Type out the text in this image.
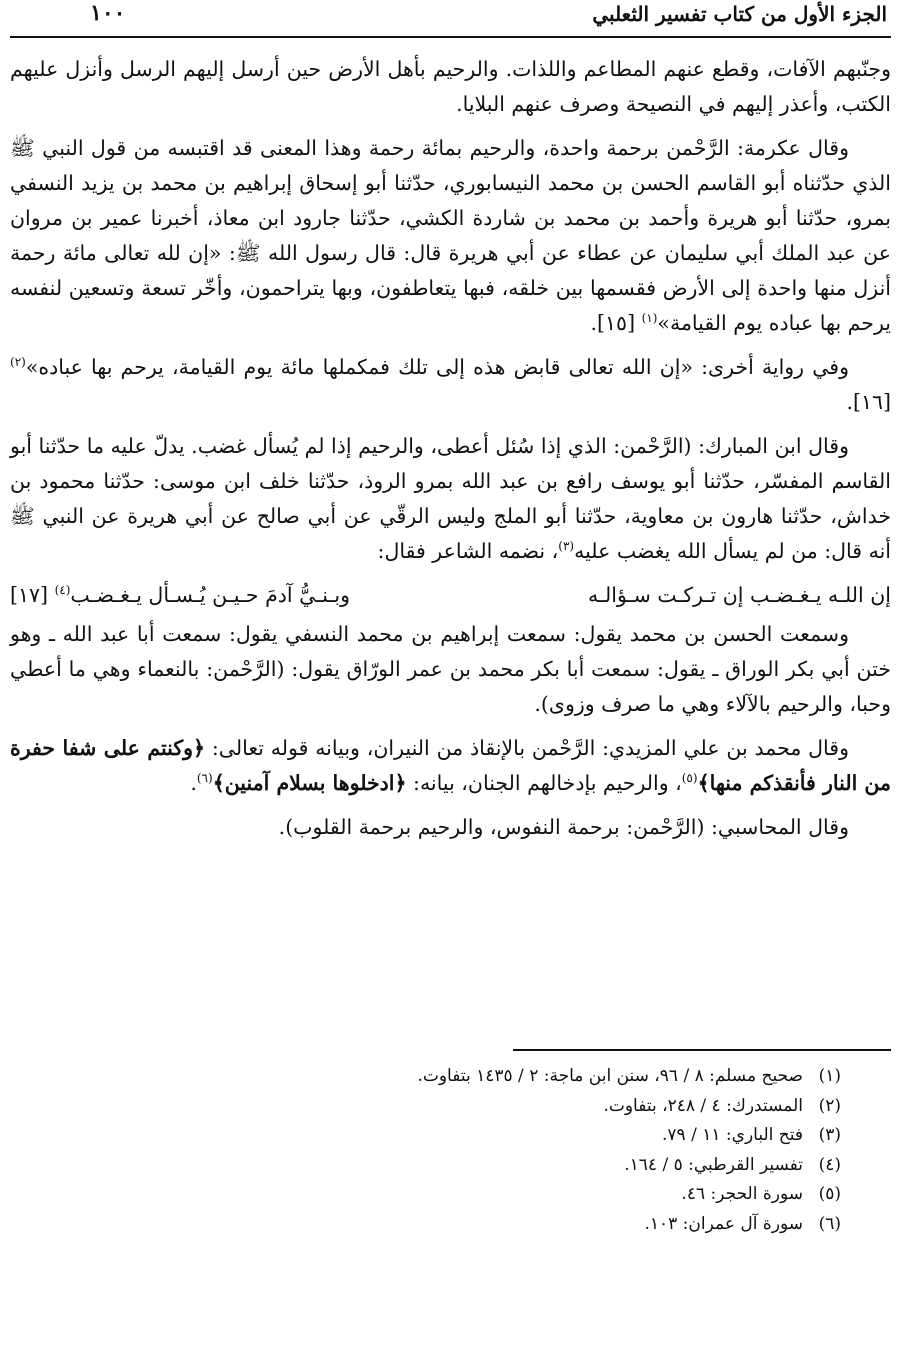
الجزء الأول من كتاب تفسير الثعلبي
١٠٠

وجنّبهم الآفات، وقطع عنهم المطاعم واللذات. والرحيم بأهل الأرض حين أرسل إليهم الرسل وأنزل عليهم الكتب، وأعذر إليهم في النصيحة وصرف عنهم البلايا.

وقال عكرمة: الرَّحْمن برحمة واحدة، والرحيم بمائة رحمة وهذا المعنى قد اقتبسه من قول النبي ﷺ الذي حدّثناه أبو القاسم الحسن بن محمد النيسابوري، حدّثنا أبو إسحاق إبراهيم بن محمد بن يزيد النسفي بمرو، حدّثنا أبو هريرة وأحمد بن محمد بن شاردة الكشي، حدّثنا جارود ابن معاذ، أخبرنا عمير بن مروان عن عبد الملك أبي سليمان عن عطاء عن أبي هريرة قال: قال رسول الله ﷺ: «إن لله تعالى مائة رحمة أنزل منها واحدة إلى الأرض فقسمها بين خلقه، فبها يتعاطفون، وبها يتراحمون، وأخّر تسعة وتسعين لنفسه يرحم بها عباده يوم القيامة»$^{(١)}$ [١٥].

وفي رواية أخرى: «إن الله تعالى قابض هذه إلى تلك فمكملها مائة يوم القيامة، يرحم بها عباده»$^{(٢)}$ [١٦].

وقال ابن المبارك: (الرَّحْمن: الذي إذا سُئل أعطى، والرحيم إذا لم يُسأل غضب. يدلّ عليه ما حدّثنا أبو القاسم المفسّر، حدّثنا أبو يوسف رافع بن عبد الله بمرو الروذ، حدّثنا خلف ابن موسى: حدّثنا محمود بن خداش، حدّثنا هارون بن معاوية، حدّثنا أبو الملج وليس الرقّي عن أبي صالح عن أبي هريرة عن النبي ﷺ أنه قال: من لم يسأل الله يغضب عليه$^{(٣)}$، نضمه الشاعر فقال:

إن اللـه يـغـضـب إن تـركـت سـؤالـه
وبـنـيُّ آدمَ حـيـن يُـسـأل يـغـضـب$^{(٤)}$ [١٧]

وسمعت الحسن بن محمد يقول: سمعت إبراهيم بن محمد النسفي يقول: سمعت أبا عبد الله ـ وهو ختن أبي بكر الوراق ـ يقول: سمعت أبا بكر محمد بن عمر الورّاق يقول: (الرَّحْمن: بالنعماء وهي ما أعطي وحبا، والرحيم بالآلاء وهي ما صرف وزوى).

وقال محمد بن علي المزيدي: الرَّحْمن بالإنقاذ من النيران، وبيانه قوله تعالى: ﴿وكنتم على شفا حفرة من النار فأنقذكم منها﴾$^{(٥)}$، والرحيم بإدخالهم الجنان، بيانه: ﴿ادخلوها بسلام آمنين﴾$^{(٦)}$.

وقال المحاسبي: (الرَّحْمن: برحمة النفوس، والرحيم برحمة القلوب).

(١)صحيح مسلم: ٨ / ٩٦، سنن ابن ماجة: ٢ / ١٤٣٥ بتفاوت.
(٢)المستدرك: ٤ / ٢٤٨، بتفاوت.
(٣)فتح الباري: ١١ / ٧٩.
(٤)تفسير القرطبي: ٥ / ١٦٤.
(٥)سورة الحجر: ٤٦.
(٦)سورة آل عمران: ١٠٣.
